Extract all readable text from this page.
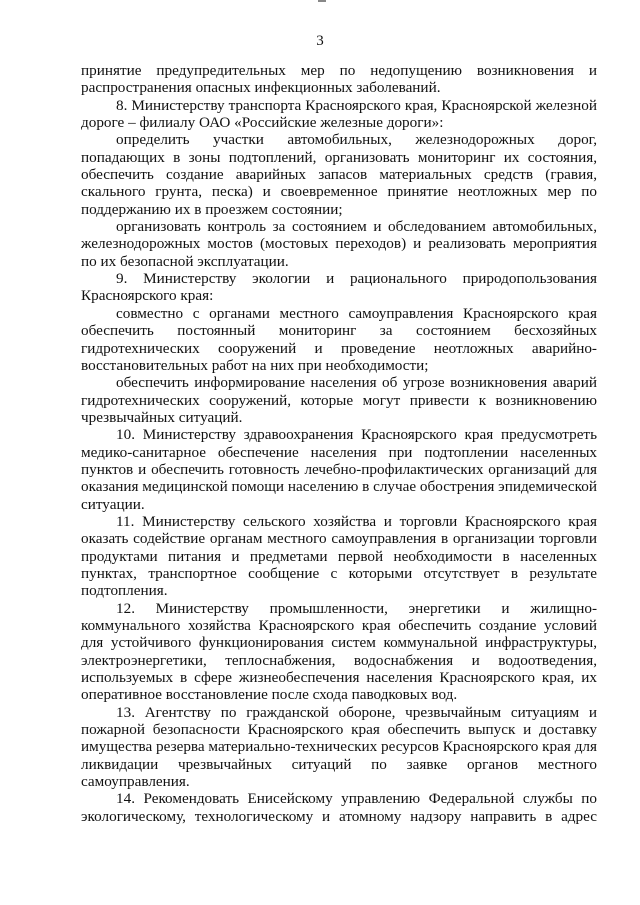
3

принятие предупредительных мер по недопущению возникновения и распространения опасных инфекционных заболеваний.

8. Министерству транспорта Красноярского края, Красноярской железной дороге – филиалу ОАО «Российские железные дороги»:

определить участки автомобильных, железнодорожных дорог, попадающих в зоны подтоплений, организовать мониторинг их состояния, обеспечить создание аварийных запасов материальных средств (гравия, скального грунта, песка) и своевременное принятие неотложных мер по поддержанию их в проезжем состоянии;

организовать контроль за состоянием и обследованием автомобильных, железнодорожных мостов (мостовых переходов) и реализовать мероприятия по их безопасной эксплуатации.

9. Министерству экологии и рационального природопользования Красноярского края:

совместно с органами местного самоуправления Красноярского края обеспечить постоянный мониторинг за состоянием бесхозяйных гидротехнических сооружений и проведение неотложных аварийно-восстановительных работ на них при необходимости;

обеспечить информирование населения об угрозе возникновения аварий гидротехнических сооружений, которые могут привести к возникновению чрезвычайных ситуаций.

10. Министерству здравоохранения Красноярского края предусмотреть медико-санитарное обеспечение населения при подтоплении населенных пунктов и обеспечить готовность лечебно-профилактических организаций для оказания медицинской помощи населению в случае обострения эпидемической ситуации.

11. Министерству сельского хозяйства и торговли Красноярского края оказать содействие органам местного самоуправления в организации торговли продуктами питания и предметами первой необходимости в населенных пунктах, транспортное сообщение с которыми отсутствует в результате подтопления.

12. Министерству промышленности, энергетики и жилищно-коммунального хозяйства Красноярского края обеспечить создание условий для устойчивого функционирования систем коммунальной инфраструктуры, электроэнергетики, теплоснабжения, водоснабжения и водоотведения, используемых в сфере жизнеобеспечения населения Красноярского края, их оперативное восстановление после схода паводковых вод.

13. Агентству по гражданской обороне, чрезвычайным ситуациям и пожарной безопасности Красноярского края обеспечить выпуск и доставку имущества резерва материально-технических ресурсов Красноярского края для ликвидации чрезвычайных ситуаций по заявке органов местного самоуправления.

14. Рекомендовать Енисейскому управлению Федеральной службы по экологическому, технологическому и атомному надзору направить в адрес
